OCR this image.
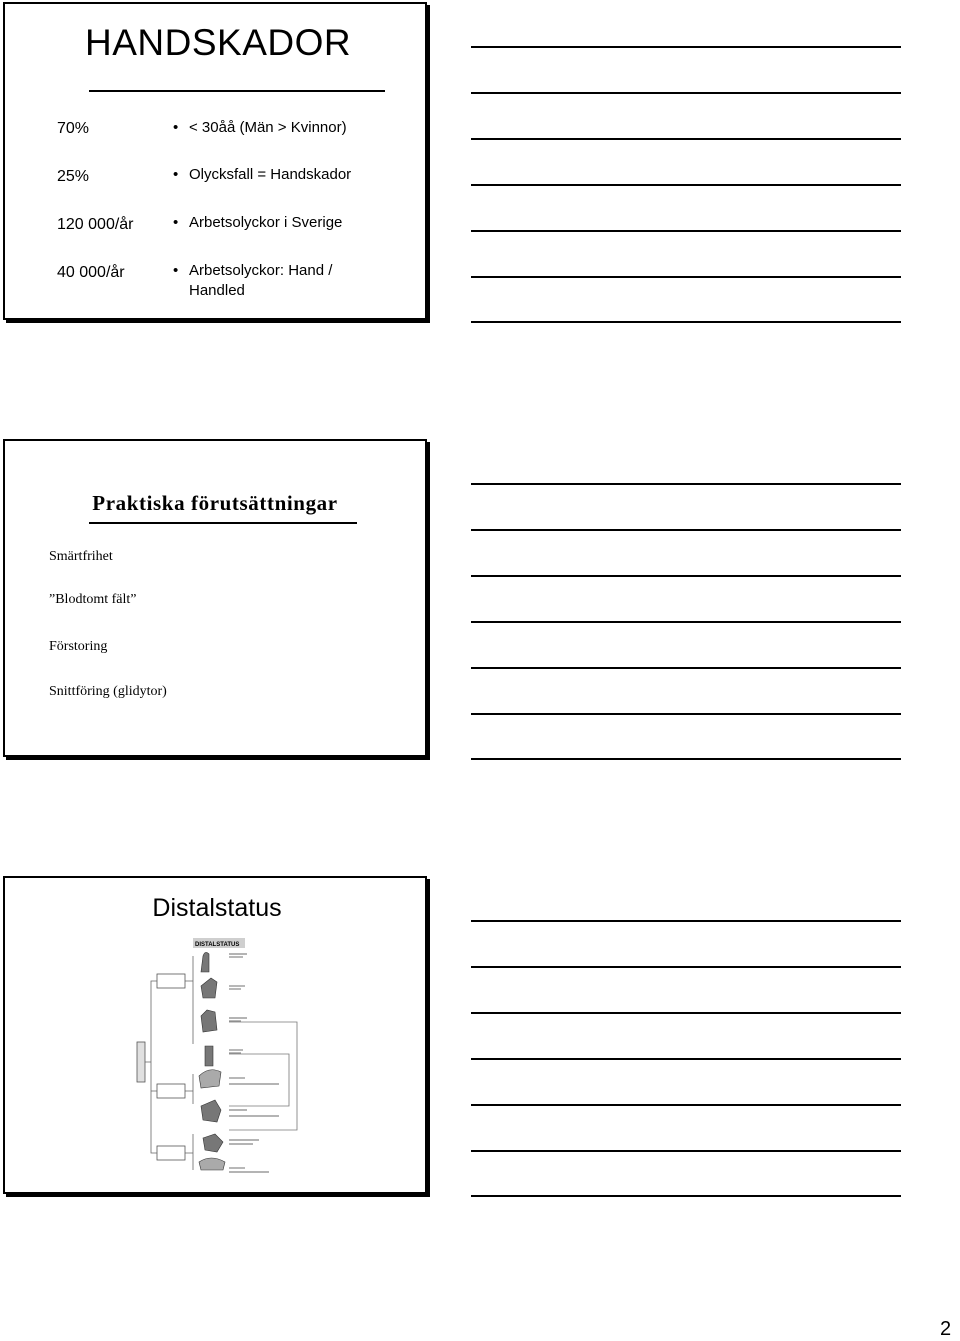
HANDSKADOR
70%	• < 30åå (Män > Kvinnor)
25%	• Olycksfall = Handskador
120 000/år	• Arbetsolyckor i Sverige
40 000/år	• Arbetsolyckor: Hand /
Handled
Praktiska förutsättningar
Smärtfrihet
”Blodtomt fält”
Förstoring
Snittföring (glidytor)
Distalstatus
DISTALSTATUS
2
